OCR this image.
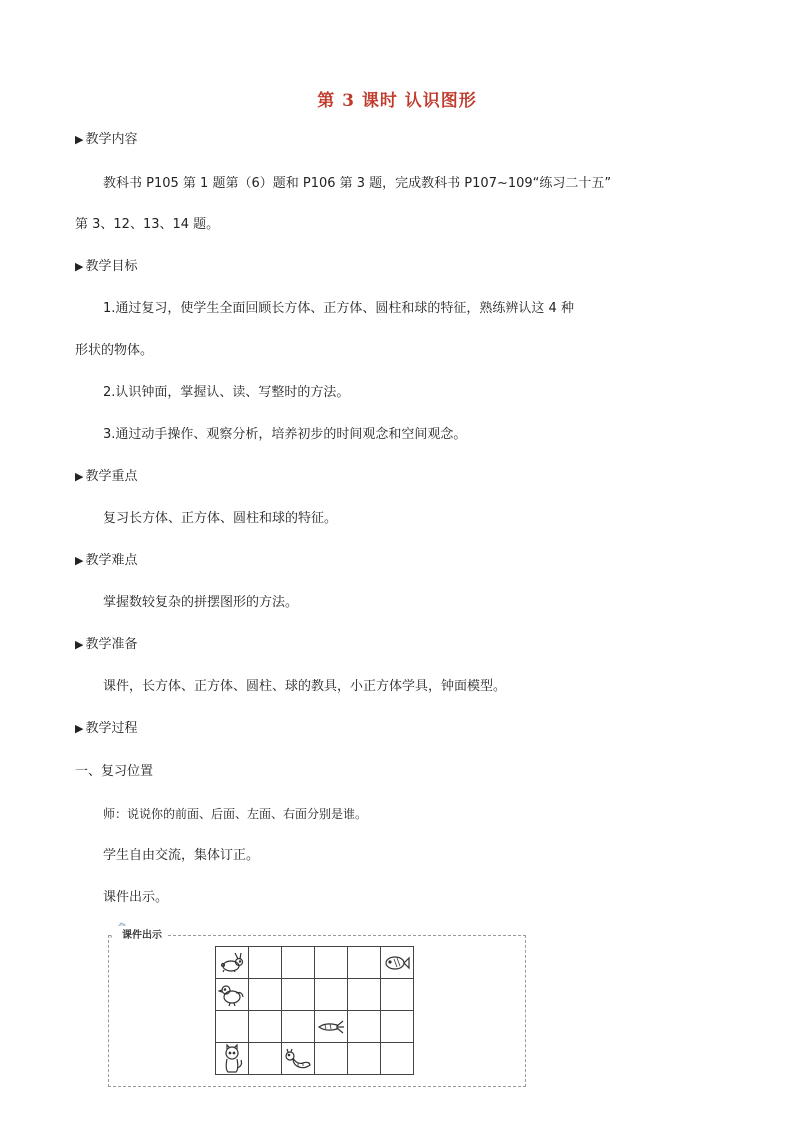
第 3 课时 认识图形
▶ 教学内容
教科书 P105 第 1 题第（6）题和 P106 第 3 题，完成教科书 P107~109“练习二十五”
第 3、12、13、14 题。
▶ 教学目标
1.通过复习，使学生全面回顾长方体、正方体、圆柱和球的特征，熟练辨认这 4 种
形状的物体。
2.认识钟面，掌握认、读、写整时的方法。
3.通过动手操作、观察分析，培养初步的时间观念和空间观念。
▶ 教学重点
复习长方体、正方体、圆柱和球的特征。
▶ 教学难点
掌握数较复杂的拼摆图形的方法。
▶ 教学准备
课件，长方体、正方体、圆柱、球的教具，小正方体学具，钟面模型。
▶ 教学过程
一、复习位置
师：说说你的前面、后面、左面、右面分别是谁。
学生自由交流，集体订正。
课件出示。
课件出示
